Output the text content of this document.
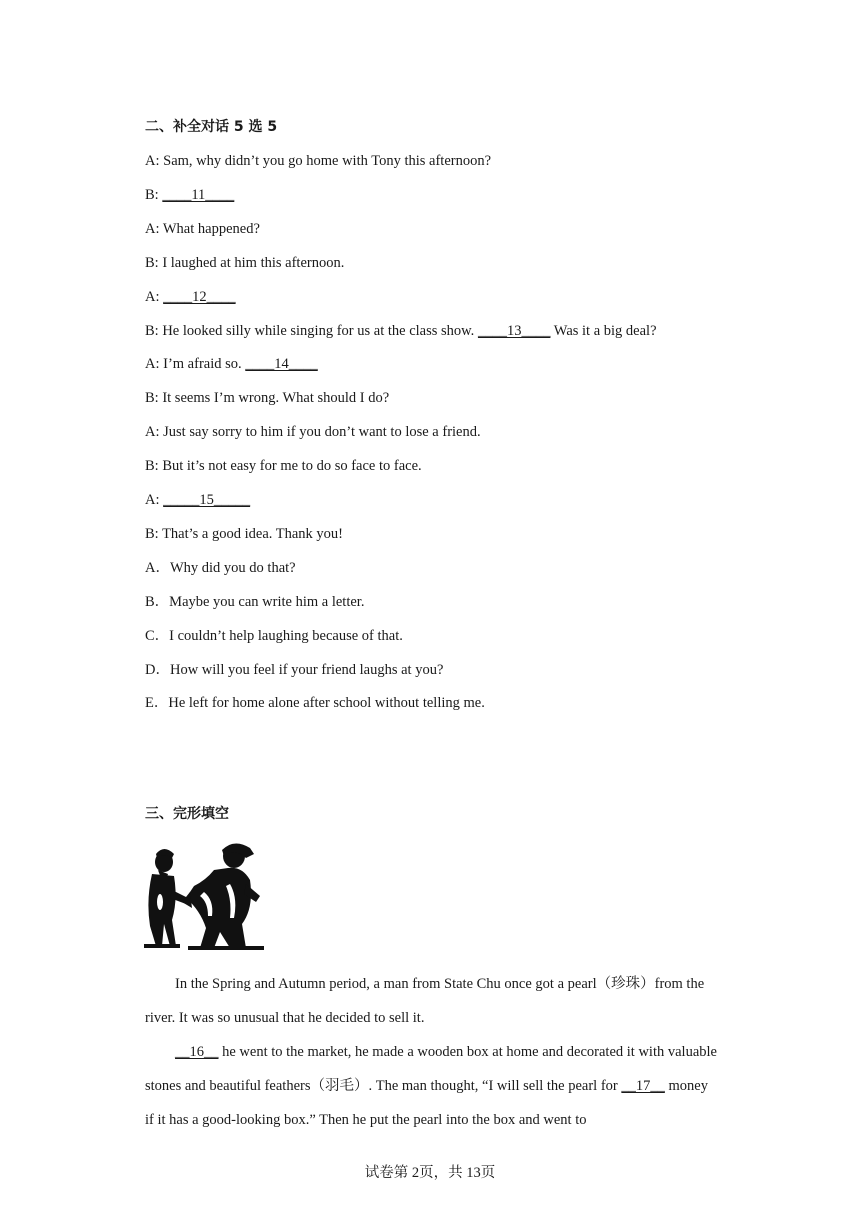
二、补全对话 5 选 5
A: Sam, why didn’t you go home with Tony this afternoon?
B: ____11____
A: What happened?
B: I laughed at him this afternoon.
A: ____12____
B: He looked silly while singing for us at the class show. ____13____ Was it a big deal?
A: I’m afraid so. ____14____
B: It seems I’m wrong. What should I do?
A: Just say sorry to him if you don’t want to lose a friend.
B: But it’s not easy for me to do so face to face.
A: _____15_____
B: That’s a good idea. Thank you!
A．Why did you do that?
B．Maybe you can write him a letter.
C．I couldn’t help laughing because of that.
D．How will you feel if your friend laughs at you?
E．He left for home alone after school without telling me.
三、完形填空
In the Spring and Autumn period, a man from State Chu once got a pearl（珍珠）from the river. It was so unusual that he decided to sell it.
__16__ he went to the market, he made a wooden box at home and decorated it with valuable stones and beautiful feathers（羽毛）. The man thought, “I will sell the pearl for __17__ money if it has a good-looking box.” Then he put the pearl into the box and went to
试卷第 2页，共 13页
